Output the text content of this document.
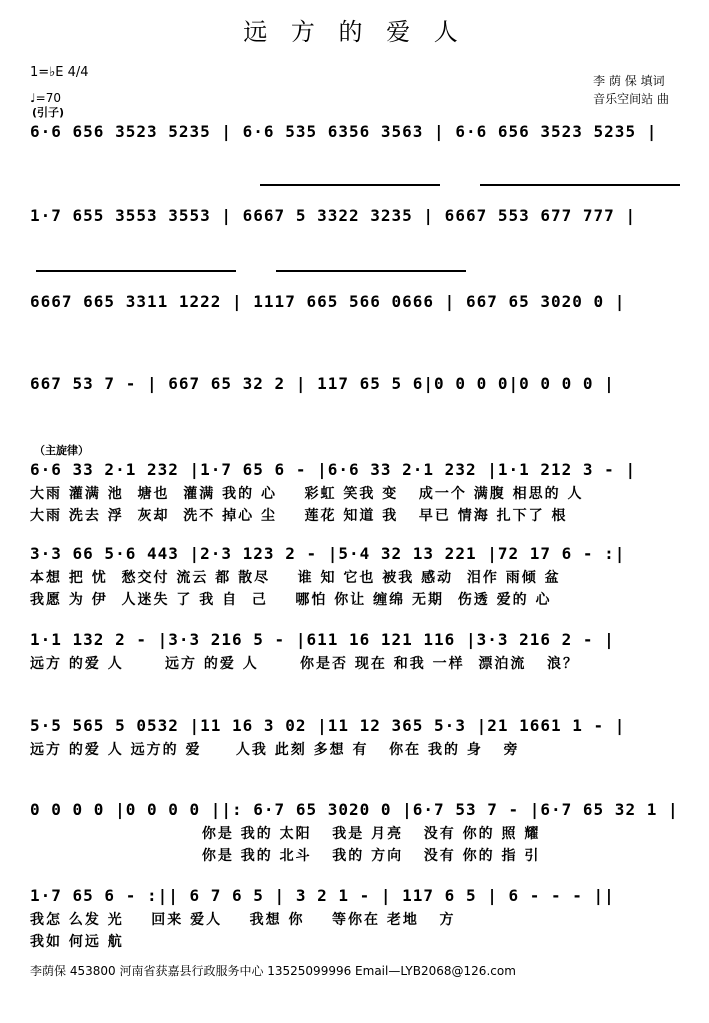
远 方 的 爱 人
1=♭E 4/4
♩=70
李 荫 保 填词
音乐空间站 曲
(引子)
6·6 656 3523 5235 | 6·6 535 6356 3563 | 6·6 656 3523 5235 |
1·7 655 3553 3553 | 6667 5 3322 3235 | 6667 553 677 777 |
6667 665 3311 1222 | 1117 665 566 0666 | 667 65 3020 0 |
667 53 7 - | 667 65 32 2 | 117 65 5 6|0 0 0 0|0 0 0 0 |
（主旋律）
6·6 33 2·1 232 |1·7 65 6 - |6·6 33 2·1 232 |1·1 212 3 - |
大雨 灌满 池  塘也  灌满 我的 心    彩虹 笑我 变   成一个 满腹 相思的 人
大雨 洗去 浮  灰却  洗不 掉心 尘    莲花 知道 我   早已 情海 扎下了 根
3·3 66 5·6 443 |2·3 123 2 - |5·4 32 13 221 |72 17 6 - :|
本想 把 忧  愁交付 流云 都 散尽    谁 知 它也 被我 感动  泪作 雨倾 盆
我愿 为 伊  人迷失 了 我 自  己    哪怕 你让 缠绵 无期  伤透 爱的 心
1·1 132 2 - |3·3 216 5 - |611 16 121 116 |3·3 216 2 - |
远方 的爱 人      远方 的爱 人      你是否 现在 和我 一样  漂泊流   浪？
5·5 565 5 0532 |11 16 3 02 |11 12 365 5·3 |21 1661 1 - |
远方 的爱 人 远方的 爱     人我 此刻 多想 有   你在 我的 身   旁
0 0 0 0 |0 0 0 0 ||: 6·7 65 3020 0 |6·7 53 7 - |6·7 65 32 1 |
你是 我的 太阳   我是 月亮   没有 你的 照 耀
你是 我的 北斗   我的 方向   没有 你的 指 引
1·7 65 6 - :|| 6 7 6 5 | 3 2 1 - | 117 6 5 | 6 - - - ||
我怎 么发 光    回来 爱人    我想 你    等你在 老地   方
我如 何远 航
李荫保 453800 河南省获嘉县行政服务中心 13525099996 Email—LYB2068@126.com
